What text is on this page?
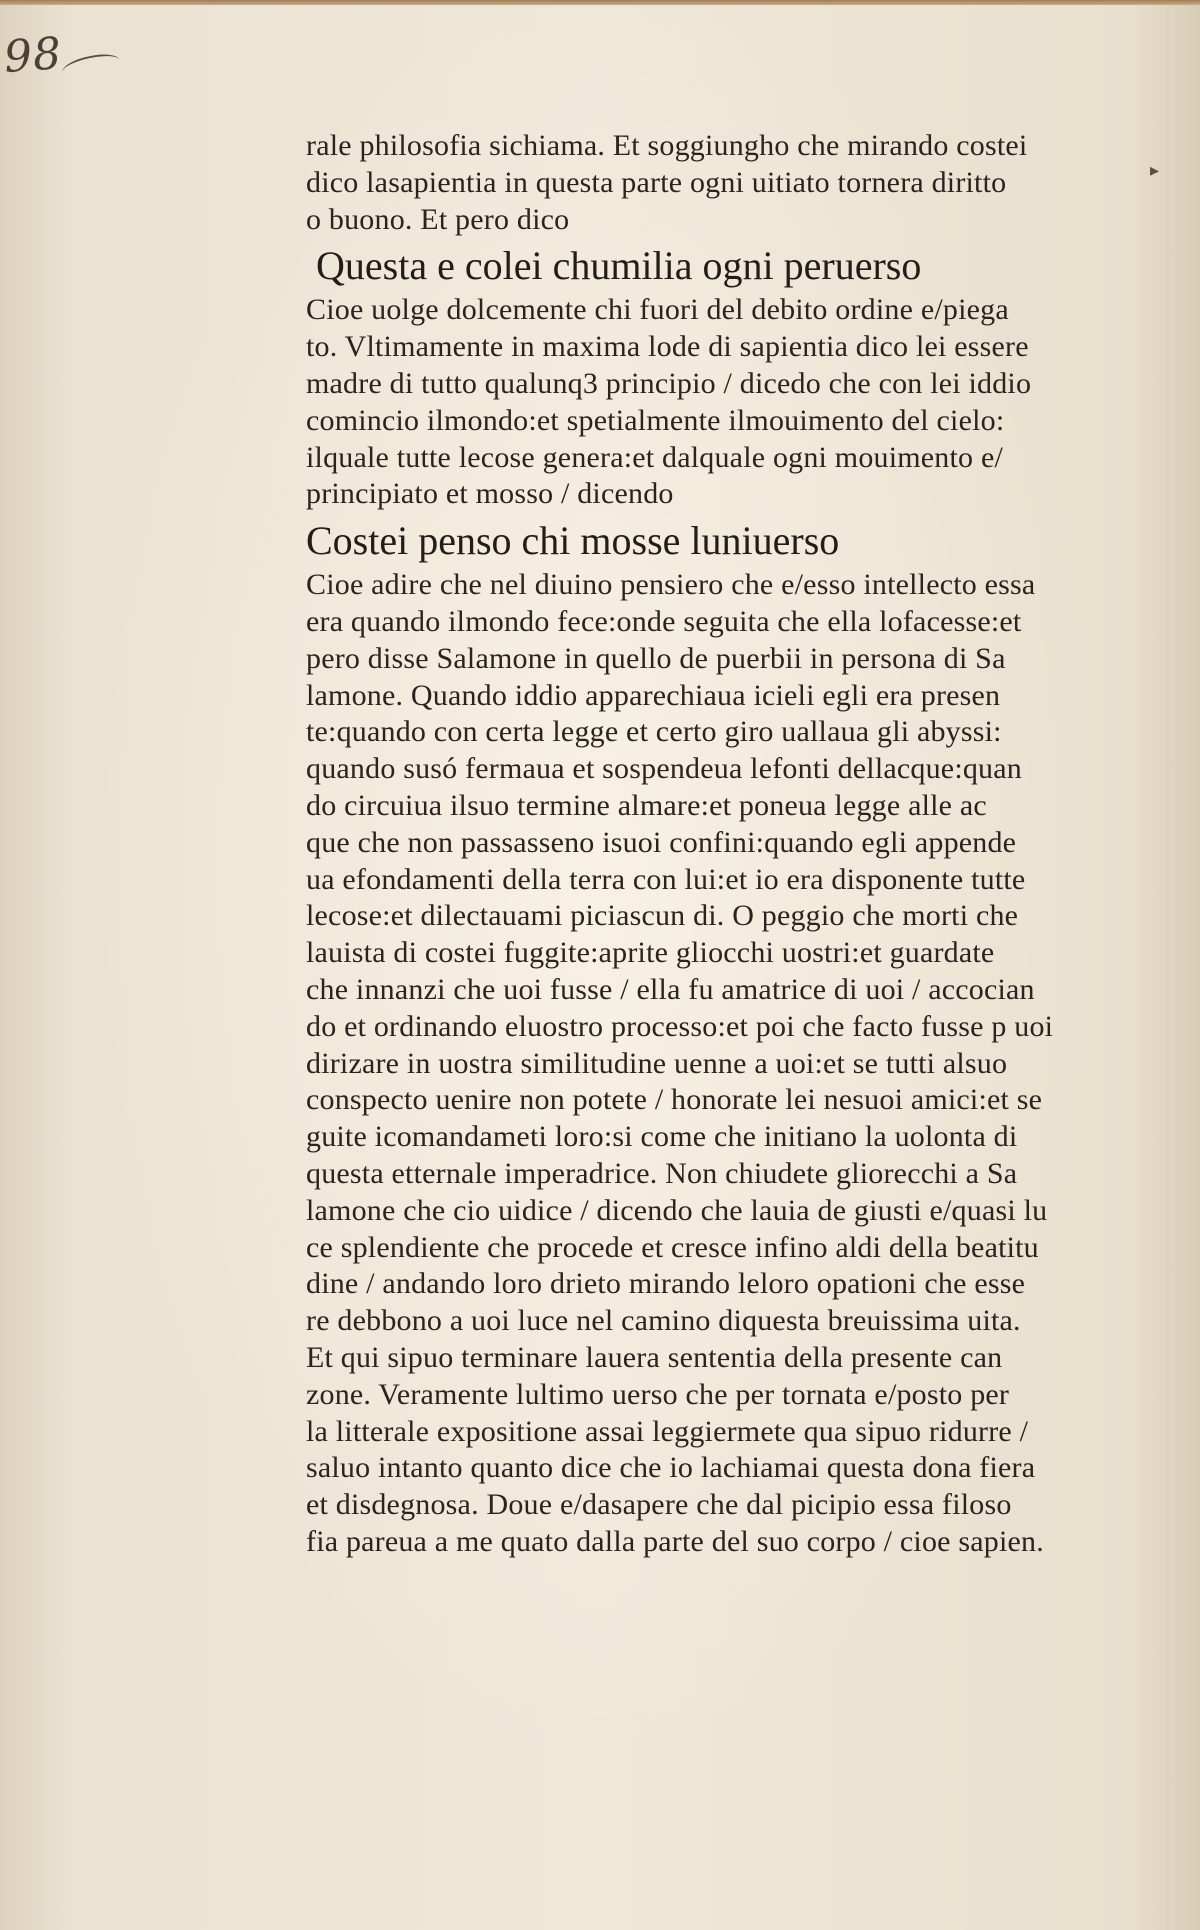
98
▸
rale philosofia sichiama. Et soggiungho che mirando costei
dico lasapientia in questa parte ogni uitiato tornera diritto
o buono. Et pero dico
Questa e colei chumilia ogni peruerso
Cioe uolge dolcemente chi fuori del debito ordine e/piega
to. Vltimamente in maxima lode di sapientia dico lei essere
madre di tutto qualunq3 principio / dicedo che con lei iddio
comincio ilmondo:et spetialmente ilmouimento del cielo:
ilquale tutte lecose genera:et dalquale ogni mouimento e/
principiato et mosso / dicendo
Costei penso chi mosse luniuerso
Cioe adire che nel diuino pensiero che e/esso intellecto essa
era quando ilmondo fece:onde seguita che ella lofacesse:et
pero disse Salamone in quello de puerbii in persona di Sa
lamone. Quando iddio apparechiaua icieli egli era presen
te:quando con certa legge et certo giro uallaua gli abyssi:
quando susó fermaua et sospendeua lefonti dellacque:quan
do circuiua ilsuo termine almare:et poneua legge alle ac
que che non passasseno isuoi confini:quando egli appende
ua efondamenti della terra con lui:et io era disponente tutte
lecose:et dilectauami piciascun di. O peggio che morti che
lauista di costei fuggite:aprite gliocchi uostri:et guardate
che innanzi che uoi fusse / ella fu amatrice di uoi / accocian
do et ordinando eluostro processo:et poi che facto fusse p uoi
dirizare in uostra similitudine uenne a uoi:et se tutti alsuo
conspecto uenire non potete / honorate lei nesuoi amici:et se
guite icomandameti loro:si come che initiano la uolonta di
questa etternale imperadrice. Non chiudete gliorecchi a Sa
lamone che cio uidice / dicendo che lauia de giusti e/quasi lu
ce splendiente che procede et cresce infino aldi della beatitu
dine / andando loro drieto mirando leloro opationi che esse
re debbono a uoi luce nel camino diquesta breuissima uita.
Et qui sipuo terminare lauera sententia della presente can
zone. Veramente lultimo uerso che per tornata e/posto per
la litterale expositione assai leggiermete qua sipuo ridurre /
saluo intanto quanto dice che io lachiamai questa dona fiera
et disdegnosa. Doue e/dasapere che dal picipio essa filoso
fia pareua a me quato dalla parte del suo corpo / cioe sapien.
